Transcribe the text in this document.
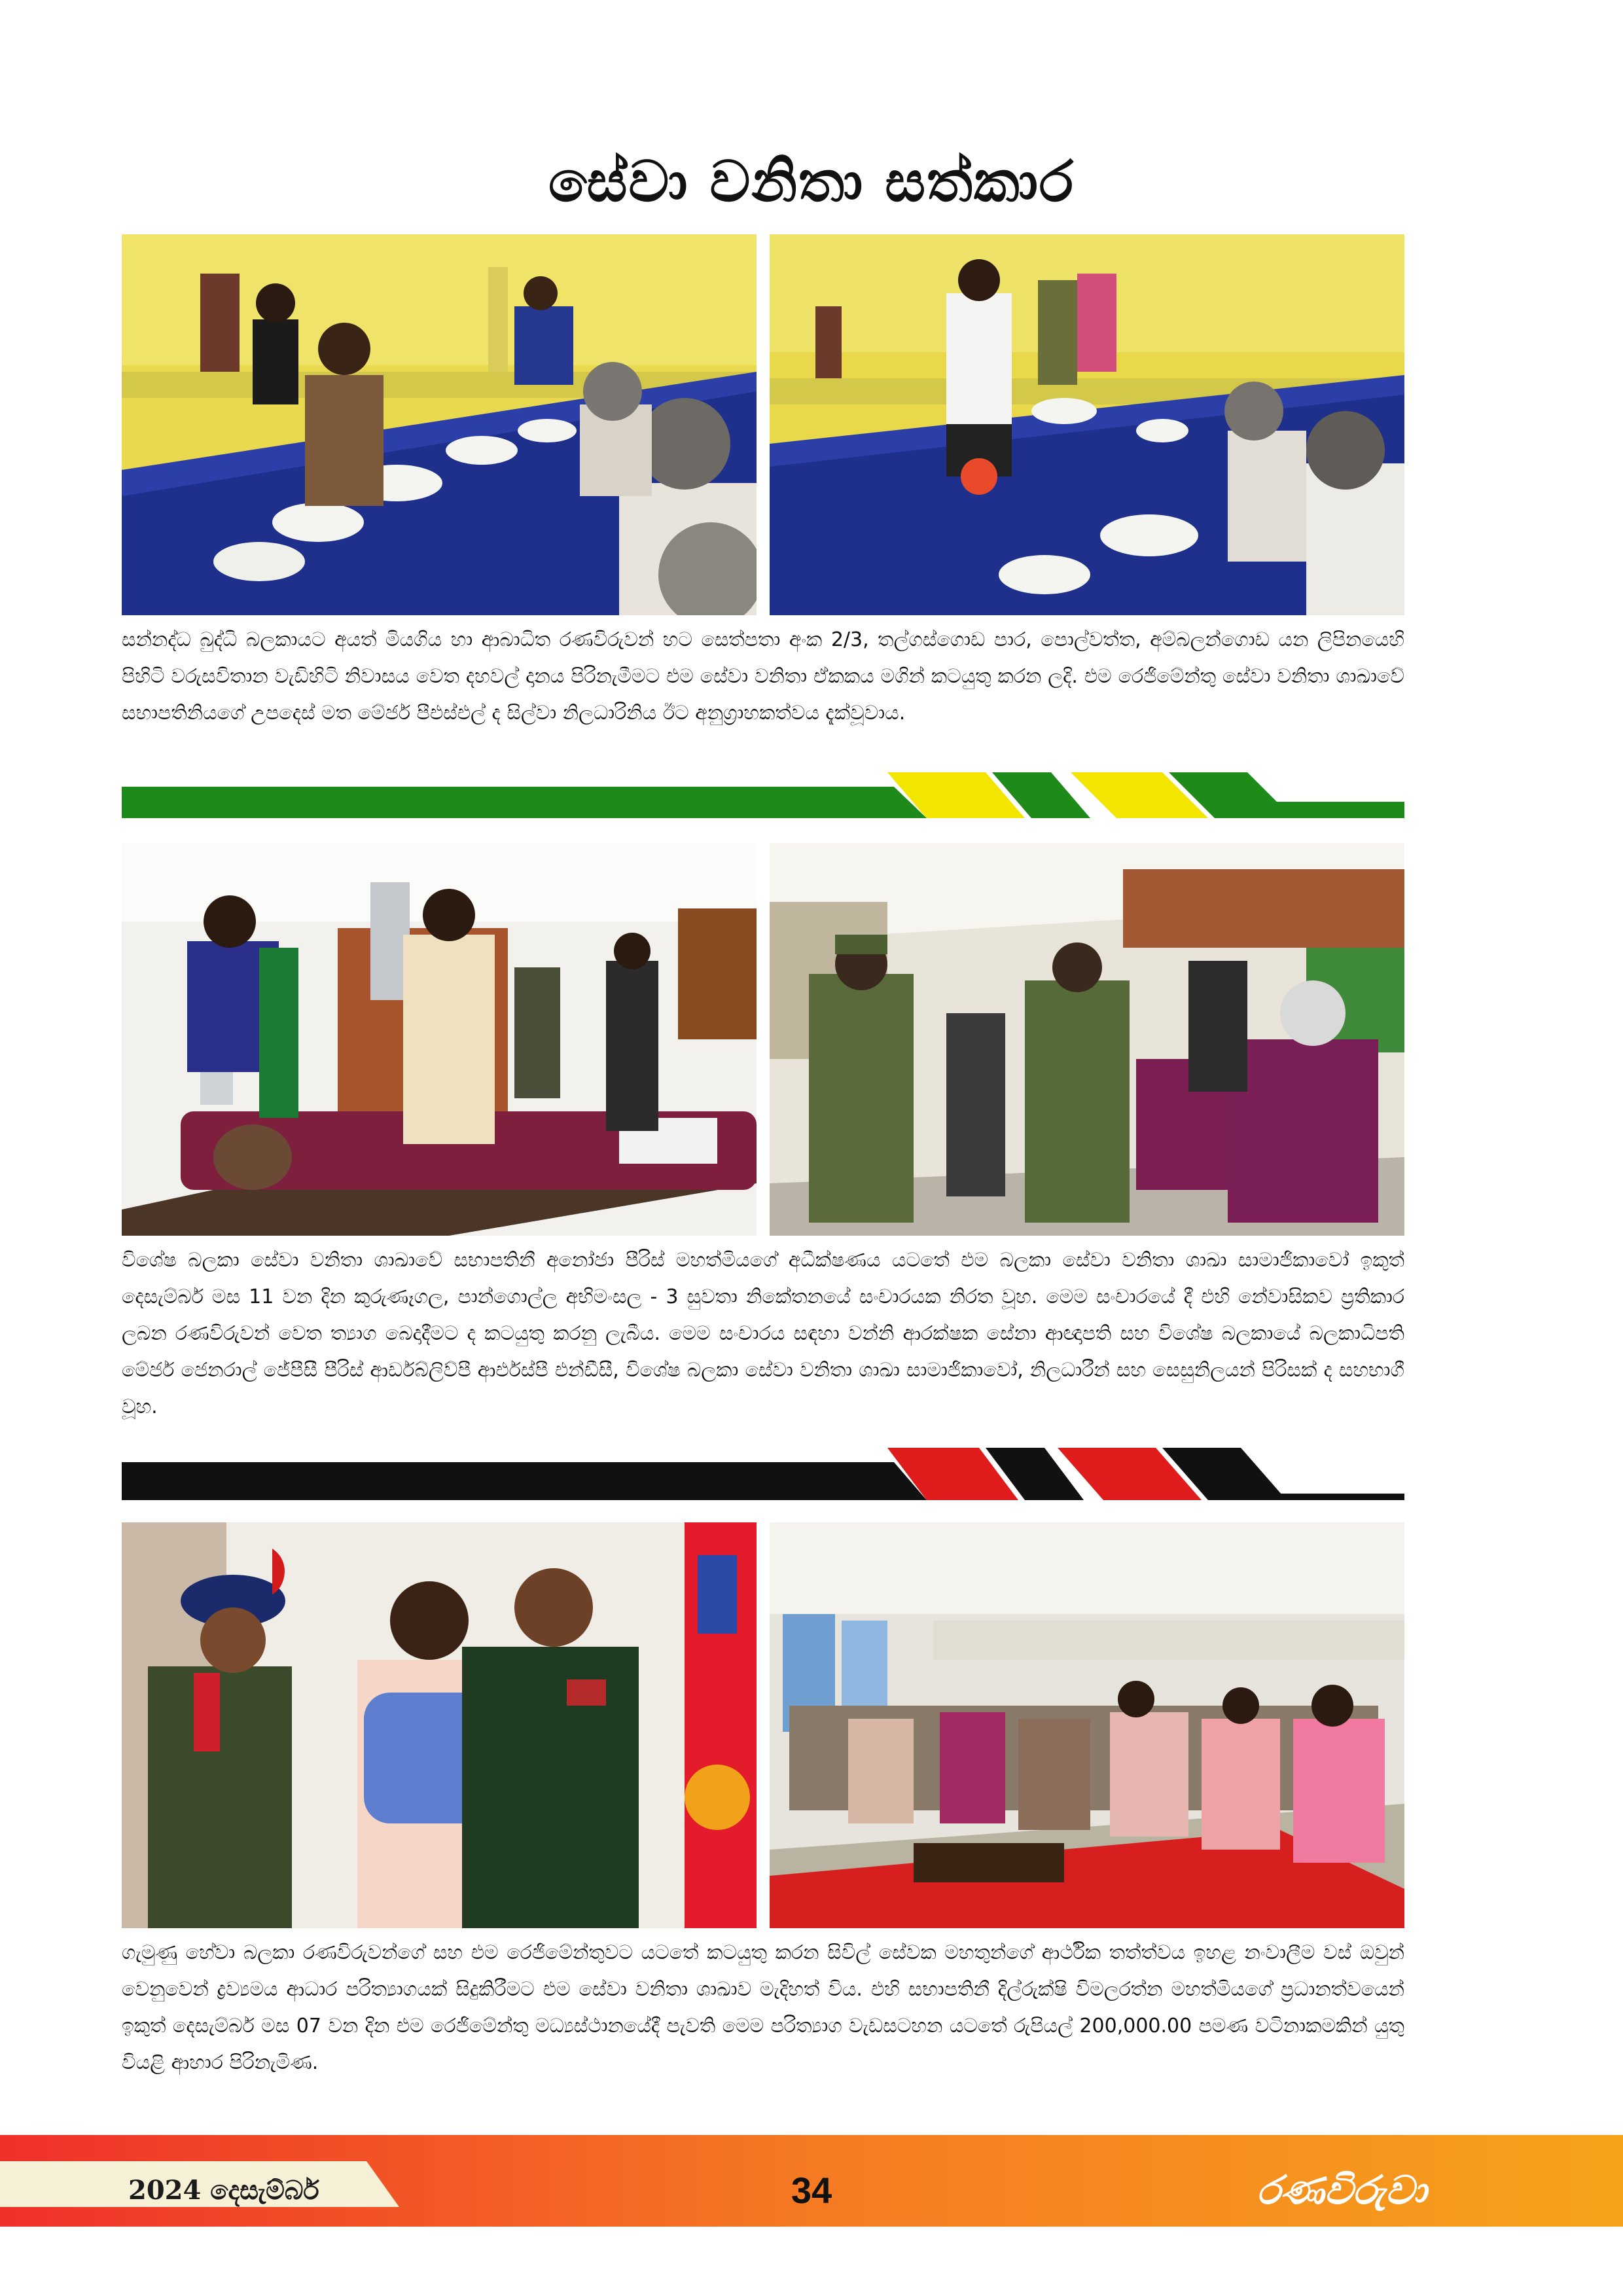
සේවා වනිතා සත්කාර
සන්නද්ධ බුද්ධි බලකායට අයත් මියගිය හා ආබාධිත රණවිරුවන් හට සෙත්පතා අංක 2/3, තල්ගස්ගොඩ පාර, පොල්වත්ත, අම්බලන්ගොඩ යන ලිපිනයෙහි පිහිටි වරුසවිතාන වැඩිහිටි නිවාසය වෙත දහවල් දානය පිරිනැමීමට එම සේවා වනිතා ඒකකය මගින් කටයුතු කරන ලදි. එම රෙජිමේන්තු සේවා වනිතා ශාඛාවේ සභාපතිනියගේ උපදෙස් මත මේජර් පීඑස්එල් ද සිල්වා නිලධාරිනිය ඊට අනුග්‍රාහකත්වය දැක්වූවාය.
විශේෂ බලකා සේවා වනිතා ශාඛාවේ සභාපතිනී අනෝජා පීරිස් මහත්මියගේ අධීක්ෂණය යටතේ එම බලකා සේවා වනිතා ශාඛා සාමාජිකාවෝ ඉකුත් දෙසැම්බර් මස 11 වන දින කුරුණෑගල, පාන්ගොල්ල අභිමංසල - 3 සුවතා නිකේතනයේ සංචාරයක නිරත වූහ. මෙම සංචාරයේ දී එහි නේවාසිකව ප්‍රතිකාර ලබන රණවිරුවන් වෙත ත්‍යාග බෙදාදීමට ද කටයුතු කරනු ලැබීය. මෙම සංචාරය සඳහා වන්නි ආරක්ෂක සේනා ආඥාපති සහ විශේෂ බලකායේ බලකාධිපති මේජර් ජෙනරාල් ජේපීසී පීරිස් ආර්ඩබ්ලිව්පී ආර්එස්පී එන්ඩීසී, විශේෂ බලකා සේවා වනිතා ශාඛා සාමාජිකාවෝ, නිලධාරීන් සහ සෙසුනිලයන් පිරිසක් ද සහභාගී වූහ.
ගැමුණු හේවා බලකා රණවිරුවන්ගේ සහ එම රෙජිමේන්තුවට යටතේ කටයුතු කරන සිවිල් සේවක මහතුන්ගේ ආර්ථික තත්ත්වය ඉහළ නංවාලීම වස් ඔවුන් වෙනුවෙන් ද්‍රව්‍යමය ආධාර පරිත්‍යාගයක් සිදුකිරීමට එම සේවා වනිතා ශාඛාව මැදිහත් විය. එහි සභාපතිනී දිල්රුක්ෂි විමලරත්න මහත්මියගේ ප්‍රධානත්වයෙන් ඉකුත් දෙසැම්බර් මස 07 වන දින එම රෙජිමේන්තු මධ්‍යස්ථානයේදී පැවති මෙම පරිත්‍යාග වැඩසටහන යටතේ රුපියල් 200,000.00 පමණ වටිනාකමකින් යුතු වියළි ආහාර පිරිනැමිණ.
2024 දෙසැම්බර්	34	රණවිරුවා
